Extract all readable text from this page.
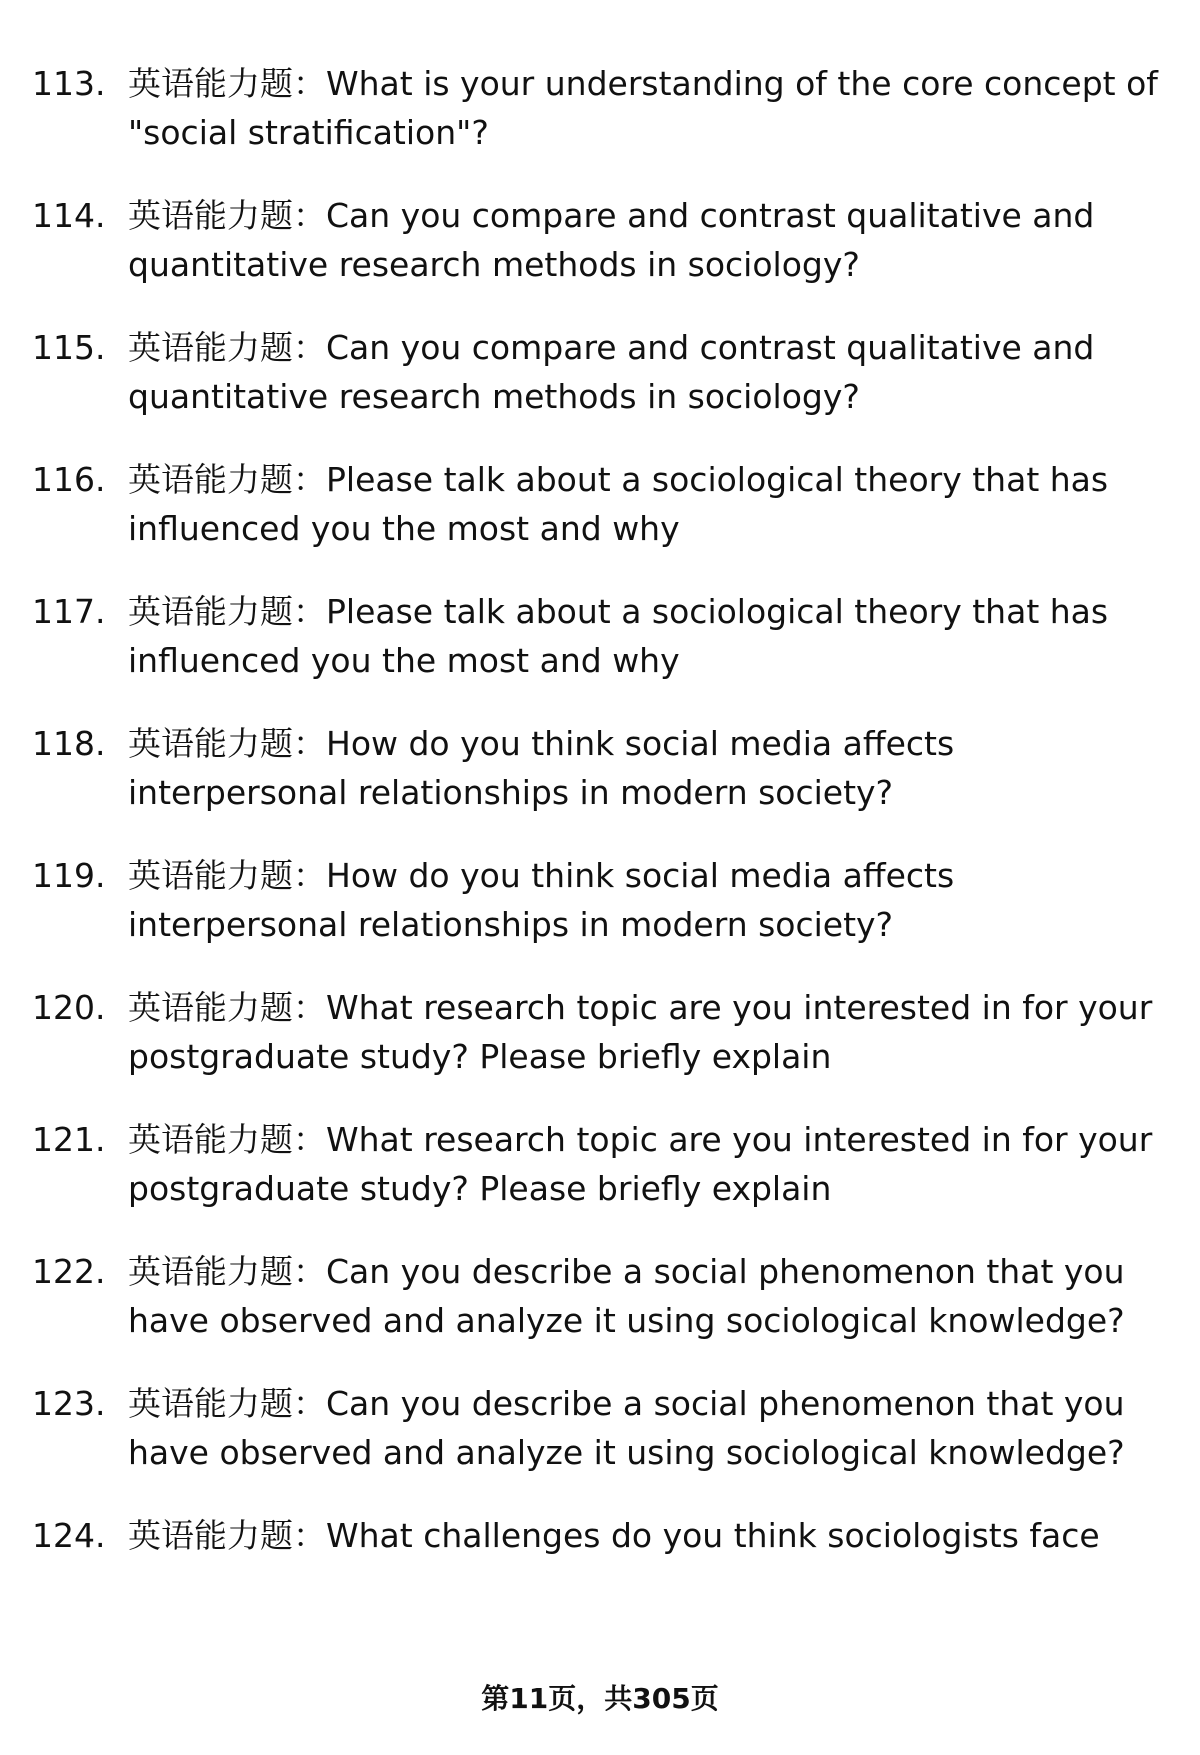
113. 英语能力题：What is your understanding of the core concept of "social stratification"?
114. 英语能力题：Can you compare and contrast qualitative and quantitative research methods in sociology?
115. 英语能力题：Can you compare and contrast qualitative and quantitative research methods in sociology?
116. 英语能力题：Please talk about a sociological theory that has influenced you the most and why
117. 英语能力题：Please talk about a sociological theory that has influenced you the most and why
118. 英语能力题：How do you think social media affects interpersonal relationships in modern society?
119. 英语能力题：How do you think social media affects interpersonal relationships in modern society?
120. 英语能力题：What research topic are you interested in for your postgraduate study? Please briefly explain
121. 英语能力题：What research topic are you interested in for your postgraduate study? Please briefly explain
122. 英语能力题：Can you describe a social phenomenon that you have observed and analyze it using sociological knowledge?
123. 英语能力题：Can you describe a social phenomenon that you have observed and analyze it using sociological knowledge?
124. 英语能力题：What challenges do you think sociologists face
第11页，共305页
